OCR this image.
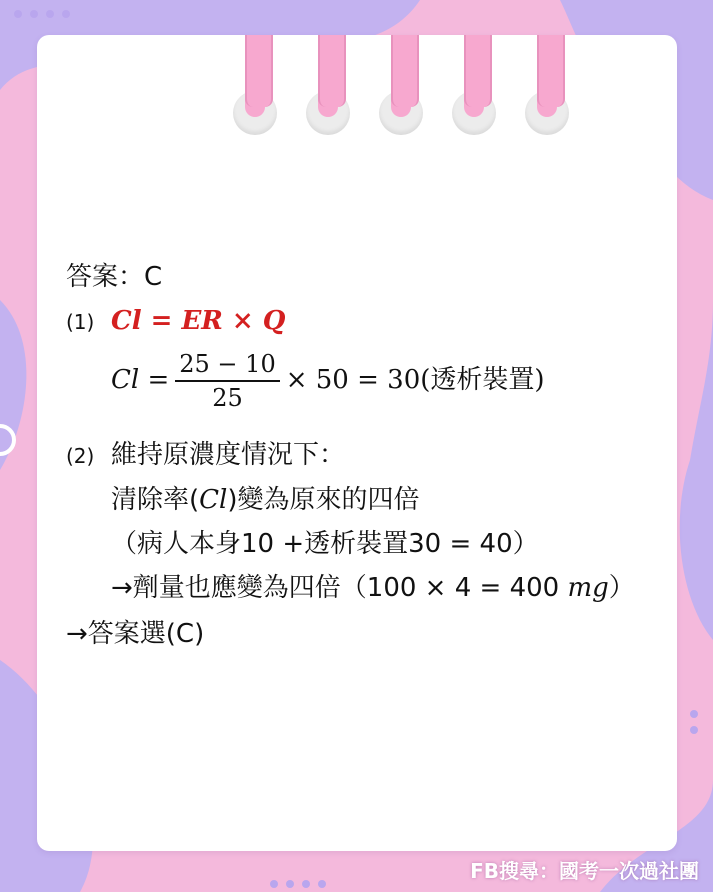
答案：C
(1) Cl = ER × Q
$Cl = \frac{25 - 10}{25} \times 50 = 30$(透析裝置)
(2) 維持原濃度情況下：
清除率(Cl)變為原來的四倍
（病人本身10 +透析裝置30 = 40）
→劑量也應變為四倍（100 × 4 = 400 mg）
→答案選(C)
FB搜尋：國考一次過社團
